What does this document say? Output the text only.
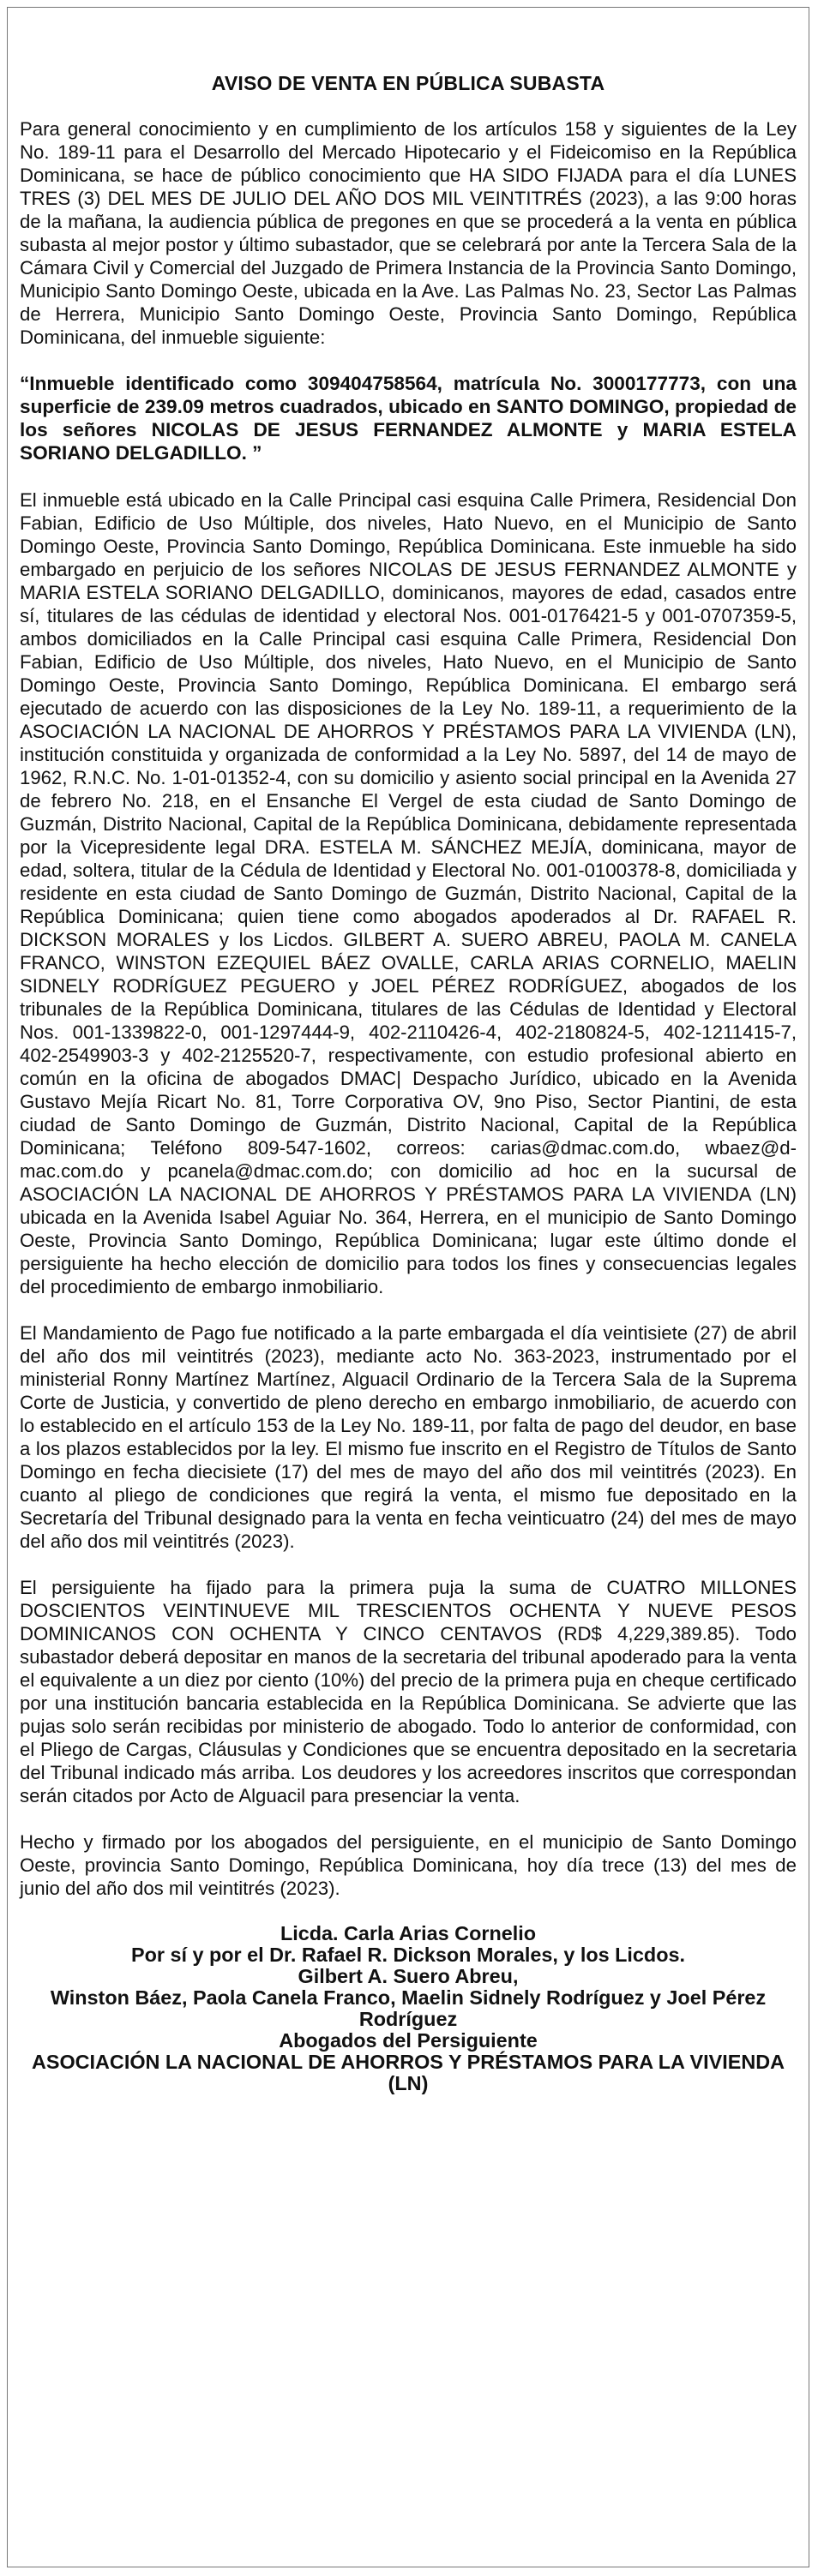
AVISO DE VENTA EN PÚBLICA SUBASTA

Para general conocimiento y en cumplimiento de los artículos 158 y siguientes de la Ley No. 189-11 para el Desarrollo del Mercado Hipotecario y el Fideicomiso en la República Dominicana, se hace de público conocimiento que HA SIDO FIJADA para el día LUNES TRES (3) DEL MES DE JULIO DEL AÑO DOS MIL VEINTITRÉS (2023), a las 9:00 horas de la mañana, la audiencia pública de pregones en que se procederá a la venta en pública subasta al mejor postor y último subastador, que se celebrará por ante la Tercera Sala de la Cámara Civil y Comercial del Juzgado de Primera Instancia de la Provincia Santo Domingo, Municipio Santo Domingo Oeste, ubicada en la Ave. Las Palmas No. 23, Sector Las Palmas de Herrera, Municipio Santo Domingo Oeste, Provincia Santo Domingo, República Dominicana, del inmueble siguiente:

“Inmueble identificado como 309404758564, matrícula No. 3000177773, con una superficie de 239.09 metros cuadrados, ubicado en SANTO DOMINGO, propiedad de los señores NICOLAS DE JESUS FERNANDEZ ALMONTE y MARIA ESTELA SORIANO DELGADILLO. ”

El inmueble está ubicado en la Calle Principal casi esquina Calle Primera, Residencial Don Fabian, Edificio de Uso Múltiple, dos niveles, Hato Nuevo, en el Municipio de Santo Domingo Oeste, Provincia Santo Domingo, República Dominicana. Este inmueble ha sido embargado en perjuicio de los señores NICOLAS DE JESUS FERNANDEZ ALMONTE y MARIA ESTELA SORIANO DELGADILLO, dominicanos, mayores de edad, casados entre sí, titulares de las cédulas de identidad y electoral Nos. 001-0176421-5 y 001-0707359-5, ambos domiciliados en la Calle Principal casi esquina Calle Primera, Residencial Don Fabian, Edificio de Uso Múltiple, dos niveles, Hato Nuevo, en el Municipio de Santo Domingo Oeste, Provincia Santo Domingo, República Dominicana. El embargo será ejecutado de acuerdo con las disposiciones de la Ley No. 189-11, a requerimiento de la ASOCIACIÓN LA NACIONAL DE AHORROS Y PRÉSTAMOS PARA LA VIVIENDA (LN), institución constituida y organizada de conformidad a la Ley No. 5897, del 14 de mayo de 1962, R.N.C. No. 1-01-01352-4, con su domicilio y asiento social principal en la Avenida 27 de febrero No. 218, en el Ensanche El Vergel de esta ciudad de Santo Domingo de Guzmán, Distrito Nacional, Capital de la República Dominicana, debidamente representada por la Vicepresidente legal DRA. ESTELA M. SÁNCHEZ MEJÍA, dominicana, mayor de edad, soltera, titular de la Cédula de Identidad y Electoral No. 001-0100378-8, domiciliada y residente en esta ciudad de Santo Domingo de Guzmán, Distrito Nacional, Capital de la República Dominicana; quien tiene como abogados apoderados al Dr. RAFAEL R. DICKSON MORALES y los Licdos. GILBERT A. SUERO ABREU, PAOLA M. CANELA FRANCO, WINSTON EZEQUIEL BÁEZ OVALLE, CARLA ARIAS CORNELIO, MAELIN SIDNELY RODRÍGUEZ PEGUERO y JOEL PÉREZ RODRÍGUEZ, abogados de los tribunales de la República Dominicana, titulares de las Cédulas de Identidad y Electoral Nos. 001-1339822-0, 001-1297444-9, 402-2110426-4, 402-2180824-5, 402-1211415-7, 402-2549903-3 y 402-2125520-7, respectivamente, con estudio profesional abierto en común en la oficina de abogados DMAC| Despacho Jurídico, ubicado en la Avenida Gustavo Mejía Ricart No. 81, Torre Corporativa OV, 9no Piso, Sector Piantini, de esta ciudad de Santo Domingo de Guzmán, Distrito Nacional, Capital de la República Dominicana; Teléfono 809-547-1602, correos: carias@dmac.com.do, wbaez@d-mac.com.do y pcanela@dmac.com.do; con domicilio ad hoc en la sucursal de ASOCIACIÓN LA NACIONAL DE AHORROS Y PRÉSTAMOS PARA LA VIVIENDA (LN) ubicada en la Avenida Isabel Aguiar No. 364, Herrera, en el municipio de Santo Domingo Oeste, Provincia Santo Domingo, República Dominicana; lugar este último donde el persiguiente ha hecho elección de domicilio para todos los fines y consecuencias legales del procedimiento de embargo inmobiliario.

El Mandamiento de Pago fue notificado a la parte embargada el día veintisiete (27) de abril del año dos mil veintitrés (2023), mediante acto No. 363-2023, instrumentado por el ministerial Ronny Martínez Martínez, Alguacil Ordinario de la Tercera Sala de la Suprema Corte de Justicia, y convertido de pleno derecho en embargo inmobiliario, de acuerdo con lo establecido en el artículo 153 de la Ley No. 189-11, por falta de pago del deudor, en base a los plazos establecidos por la ley. El mismo fue inscrito en el Registro de Títulos de Santo Domingo en fecha diecisiete (17) del mes de mayo del año dos mil veintitrés (2023). En cuanto al pliego de condiciones que regirá la venta, el mismo fue depositado en la Secretaría del Tribunal designado para la venta en fecha veinticuatro (24) del mes de mayo del año dos mil veintitrés (2023).

El persiguiente ha fijado para la primera puja la suma de CUATRO MILLONES DOSCIENTOS VEINTINUEVE MIL TRESCIENTOS OCHENTA Y NUEVE PESOS DOMINICANOS CON OCHENTA Y CINCO CENTAVOS (RD$ 4,229,389.85). Todo subastador deberá depositar en manos de la secretaria del tribunal apoderado para la venta el equivalente a un diez por ciento (10%) del precio de la primera puja en cheque certificado por una institución bancaria establecida en la República Dominicana. Se advierte que las pujas solo serán recibidas por ministerio de abogado. Todo lo anterior de conformidad, con el Pliego de Cargas, Cláusulas y Condiciones que se encuentra depositado en la secretaria del Tribunal indicado más arriba. Los deudores y los acreedores inscritos que correspondan serán citados por Acto de Alguacil para presenciar la venta.

Hecho y firmado por los abogados del persiguiente, en el municipio de Santo Domingo Oeste, provincia Santo Domingo, República Dominicana, hoy día trece (13) del mes de junio del año dos mil veintitrés (2023).

Licda. Carla Arias Cornelio
Por sí y por el Dr. Rafael R. Dickson Morales, y los Licdos.
Gilbert A. Suero Abreu,
Winston Báez, Paola Canela Franco, Maelin Sidnely Rodríguez y Joel Pérez Rodríguez
Abogados del Persiguiente
ASOCIACIÓN LA NACIONAL DE AHORROS Y PRÉSTAMOS PARA LA VIVIENDA (LN)
